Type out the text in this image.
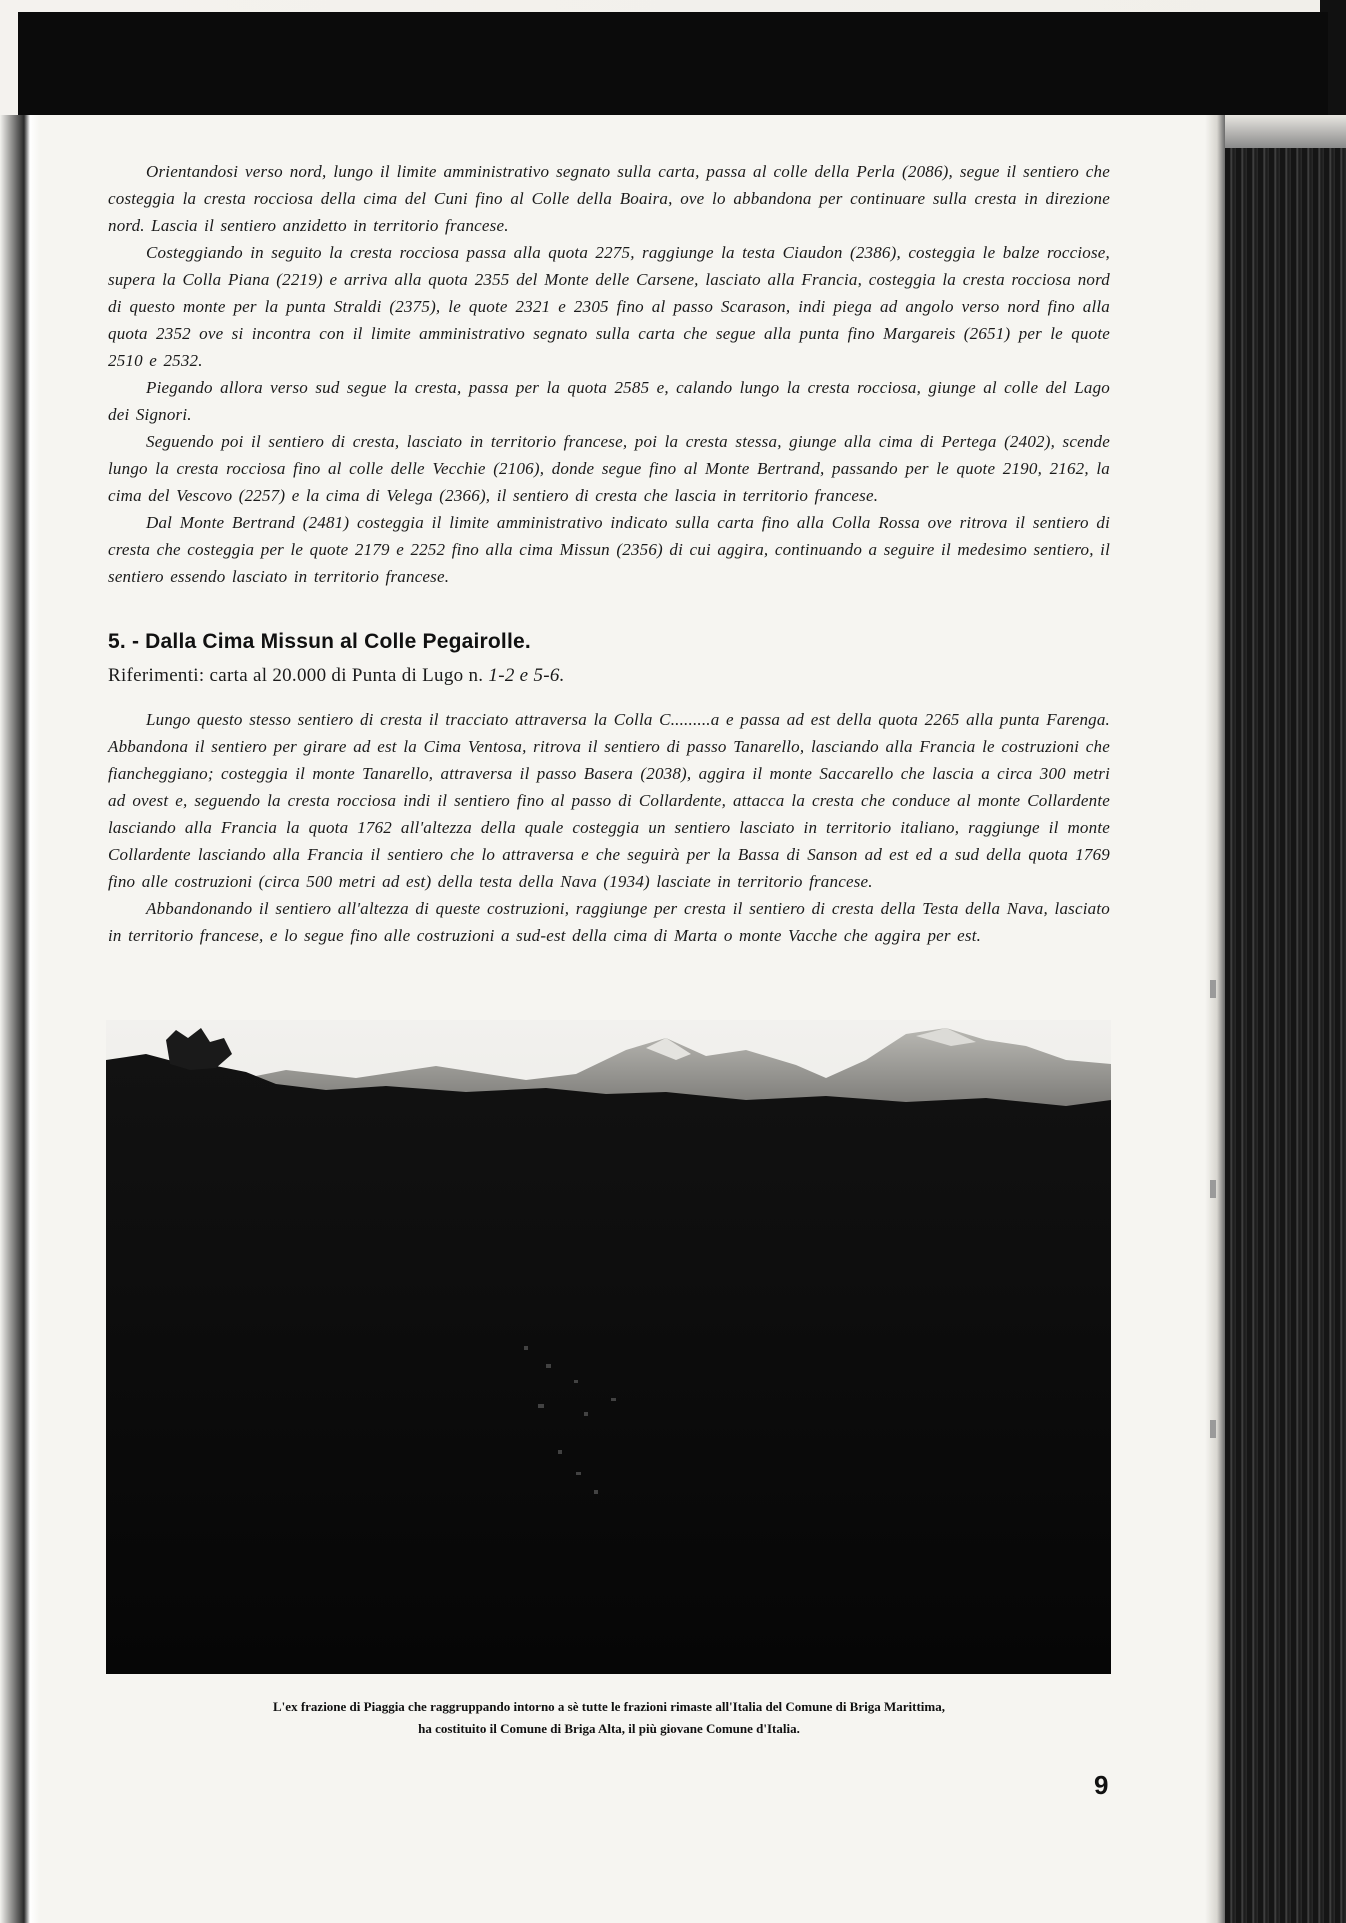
Orientandosi verso nord, lungo il limite amministrativo segnato sulla carta, passa al colle della Perla (2086), segue il sentiero che costeggia la cresta rocciosa della cima del Cuni fino al Colle della Boaira, ove lo abbandona per continuare sulla cresta in direzione nord. Lascia il sentiero anzidetto in territorio francese.

Costeggiando in seguito la cresta rocciosa passa alla quota 2275, raggiunge la testa Ciaudon (2386), costeggia le balze rocciose, supera la Colla Piana (2219) e arriva alla quota 2355 del Monte delle Carsene, lasciato alla Francia, costeggia la cresta rocciosa nord di questo monte per la punta Straldi (2375), le quote 2321 e 2305 fino al passo Scarason, indi piega ad angolo verso nord fino alla quota 2352 ove si incontra con il limite amministrativo segnato sulla carta che segue alla punta fino Margareis (2651) per le quote 2510 e 2532.

Piegando allora verso sud segue la cresta, passa per la quota 2585 e, calando lungo la cresta rocciosa, giunge al colle del Lago dei Signori.

Seguendo poi il sentiero di cresta, lasciato in territorio francese, poi la cresta stessa, giunge alla cima di Pertega (2402), scende lungo la cresta rocciosa fino al colle delle Vecchie (2106), donde segue fino al Monte Bertrand, passando per le quote 2190, 2162, la cima del Vescovo (2257) e la cima di Velega (2366), il sentiero di cresta che lascia in territorio francese.

Dal Monte Bertrand (2481) costeggia il limite amministrativo indicato sulla carta fino alla Colla Rossa ove ritrova il sentiero di cresta che costeggia per le quote 2179 e 2252 fino alla cima Missun (2356) di cui aggira, continuando a seguire il medesimo sentiero, il sentiero essendo lasciato in territorio francese.

5. - Dalla Cima Missun al Colle Pegairolle.
Riferimenti: carta al 20.000 di Punta di Lugo n. 1-2 e 5-6.

Lungo questo stesso sentiero di cresta il tracciato attraversa la Colla C.........a e passa ad est della quota 2265 alla punta Farenga. Abbandona il sentiero per girare ad est la Cima Ventosa, ritrova il sentiero di passo Tanarello, lasciando alla Francia le costruzioni che fiancheggiano; costeggia il monte Tanarello, attraversa il passo Basera (2038), aggira il monte Saccarello che lascia a circa 300 metri ad ovest e, seguendo la cresta rocciosa indi il sentiero fino al passo di Collardente, attacca la cresta che conduce al monte Collardente lasciando alla Francia la quota 1762 all'altezza della quale costeggia un sentiero lasciato in territorio italiano, raggiunge il monte Collardente lasciando alla Francia il sentiero che lo attraversa e che seguirà per la Bassa di Sanson ad est ed a sud della quota 1769 fino alle costruzioni (circa 500 metri ad est) della testa della Nava (1934) lasciate in territorio francese.

Abbandonando il sentiero all'altezza di queste costruzioni, raggiunge per cresta il sentiero di cresta della Testa della Nava, lasciato in territorio francese, e lo segue fino alle costruzioni a sud-est della cima di Marta o monte Vacche che aggira per est.

L'ex frazione di Piaggia che raggruppando intorno a sè tutte le frazioni rimaste all'Italia del Comune di Briga Marittima,
ha costituito il Comune di Briga Alta, il più giovane Comune d'Italia.
9
